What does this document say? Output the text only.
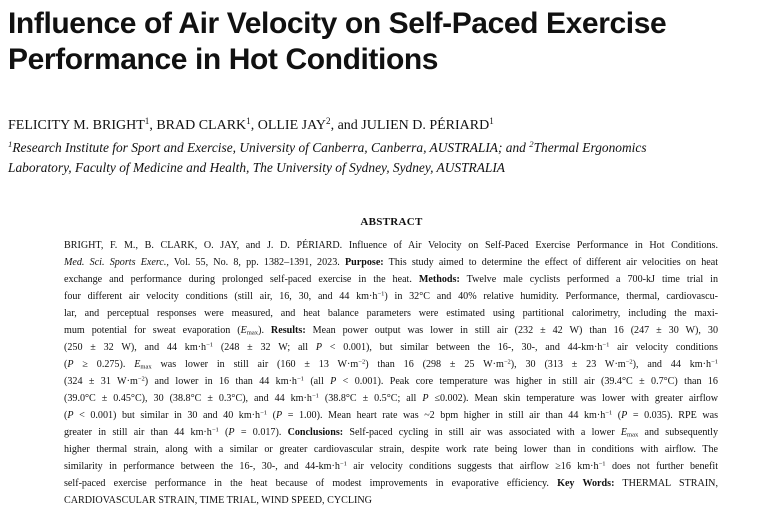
Influence of Air Velocity on Self-Paced Exercise
Performance in Hot Conditions

FELICITY M. BRIGHT$^1$, BRAD CLARK$^1$, OLLIE JAY$^2$, and JULIEN D. PÉRIARD$^1$

$^1$Research Institute for Sport and Exercise, University of Canberra, Canberra, AUSTRALIA; and $^2$Thermal Ergonomics
Laboratory, Faculty of Medicine and Health, The University of Sydney, Sydney, AUSTRALIA
ABSTRACT
BRIGHT, F. M., B. CLARK, O. JAY, and J. D. PÉRIARD. Influence of Air Velocity on Self-Paced Exercise Performance in Hot Conditions.
Med. Sci. Sports Exerc., Vol. 55, No. 8, pp. 1382–1391, 2023. Purpose: This study aimed to determine the effect of different air velocities on heat
exchange and performance during prolonged self-paced exercise in the heat. Methods: Twelve male cyclists performed a 700-kJ time trial in
four different air velocity conditions (still air, 16, 30, and 44 $km\cdot h^{-1}$) in 32°C and 40% relative humidity. Performance, thermal, cardiovascu-
lar, and perceptual responses were measured, and heat balance parameters were estimated using partitional calorimetry, including the maxi-
mum potential for sweat evaporation $(E_{max})$. Results: Mean power output was lower in still air (232 ± 42 W) than 16 (247 ± 30 W), 30
(250 ± 32 W), and 44 $km\cdot h^{-1}$ (248 ± 32 W; all P < 0.001), but similar between the 16-, 30-, and $44-km\cdot h^{-1}$ air velocity conditions
(P ≥ 0.275). $E_{max}$ was lower in still air (160 ± 13 $W\cdot m^{-2}$) than 16 (298 ± 25 $W\cdot m^{-2}$), 30 (313 ± 23 $W\cdot m^{-2}$), and 44 $km\cdot h^{-1}$
(324 ± 31 $W\cdot m^{-2}$) and lower in 16 than 44 $km\cdot h^{-1}$ (all P < 0.001). Peak core temperature was higher in still air (39.4°C ± 0.7°C) than 16
(39.0°C ± 0.45°C), 30 (38.8°C ± 0.3°C), and 44 $km\cdot h^{-1}$ (38.8°C ± 0.5°C; all P ≤0.002). Mean skin temperature was lower with greater airflow
(P < 0.001) but similar in 30 and 40 $km\cdot h^{-1}$ (P = 1.00). Mean heart rate was ~2 bpm higher in still air than 44 $km\cdot h^{-1}$ (P = 0.035). RPE was
greater in still air than 44 $km\cdot h^{-1}$ (P = 0.017). Conclusions: Self-paced cycling in still air was associated with a lower $E_{max}$ and subsequently
higher thermal strain, along with a similar or greater cardiovascular strain, despite work rate being lower than in conditions with airflow. The
similarity in performance between the 16-, 30-, and $44-km\cdot h^{-1}$ air velocity conditions suggests that airflow ≥16 $km\cdot h^{-1}$ does not further benefit
self-paced exercise performance in the heat because of modest improvements in evaporative efficiency. Key Words: THERMAL STRAIN,
CARDIOVASCULAR STRAIN, TIME TRIAL, WIND SPEED, CYCLING
